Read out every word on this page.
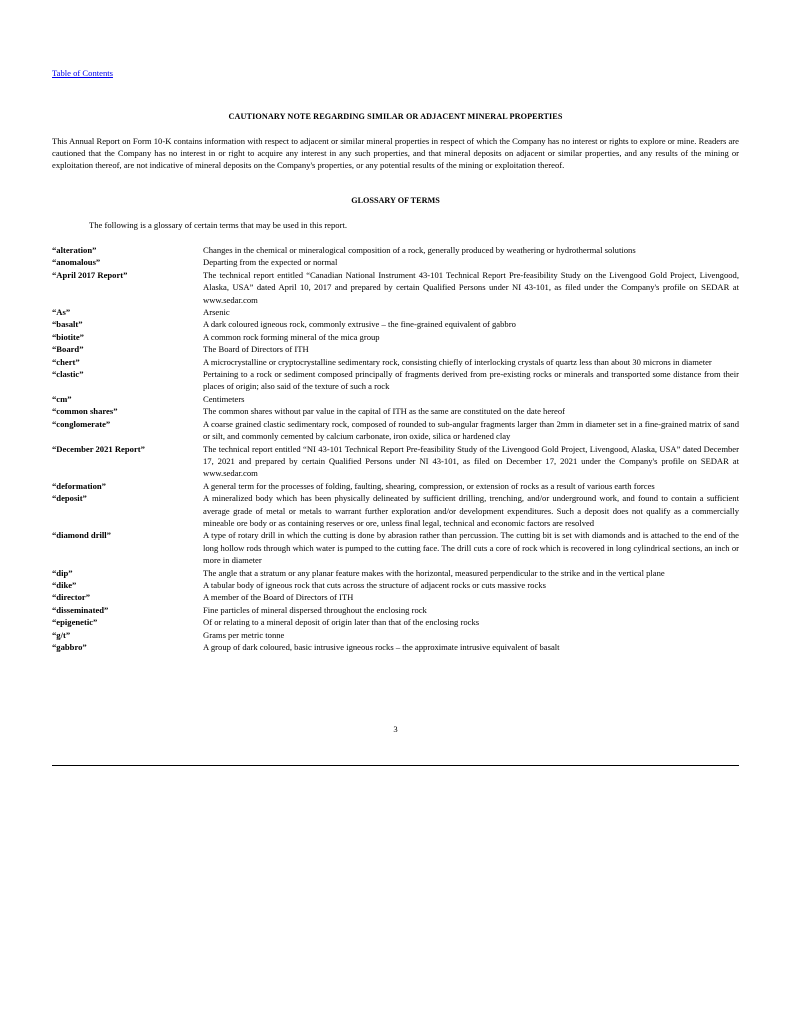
Table of Contents
CAUTIONARY NOTE REGARDING SIMILAR OR ADJACENT MINERAL PROPERTIES
This Annual Report on Form 10-K contains information with respect to adjacent or similar mineral properties in respect of which the Company has no interest or rights to explore or mine. Readers are cautioned that the Company has no interest in or right to acquire any interest in any such properties, and that mineral deposits on adjacent or similar properties, and any results of the mining or exploitation thereof, are not indicative of mineral deposits on the Company's properties, or any potential results of the mining or exploitation thereof.
GLOSSARY OF TERMS
The following is a glossary of certain terms that may be used in this report.
“alteration”	Changes in the chemical or mineralogical composition of a rock, generally produced by weathering or hydrothermal solutions
“anomalous”	Departing from the expected or normal
“April 2017 Report”	The technical report entitled “Canadian National Instrument 43-101 Technical Report Pre-feasibility Study on the Livengood Gold Project, Livengood, Alaska, USA” dated April 10, 2017 and prepared by certain Qualified Persons under NI 43-101, as filed under the Company's profile on SEDAR at www.sedar.com
“As”	Arsenic
“basalt”	A dark coloured igneous rock, commonly extrusive – the fine-grained equivalent of gabbro
“biotite”	A common rock forming mineral of the mica group
“Board”	The Board of Directors of ITH
“chert”	A microcrystalline or cryptocrystalline sedimentary rock, consisting chiefly of interlocking crystals of quartz less than about 30 microns in diameter
“clastic”	Pertaining to a rock or sediment composed principally of fragments derived from pre-existing rocks or minerals and transported some distance from their places of origin; also said of the texture of such a rock
“cm”	Centimeters
“common shares”	The common shares without par value in the capital of ITH as the same are constituted on the date hereof
“conglomerate”	A coarse grained clastic sedimentary rock, composed of rounded to sub-angular fragments larger than 2mm in diameter set in a fine-grained matrix of sand or silt, and commonly cemented by calcium carbonate, iron oxide, silica or hardened clay
“December 2021 Report”	The technical report entitled “NI 43-101 Technical Report Pre-feasibility Study of the Livengood Gold Project, Livengood, Alaska, USA” dated December 17, 2021 and prepared by certain Qualified Persons under NI 43-101, as filed on December 17, 2021 under the Company's profile on SEDAR at www.sedar.com
“deformation”	A general term for the processes of folding, faulting, shearing, compression, or extension of rocks as a result of various earth forces
“deposit”	A mineralized body which has been physically delineated by sufficient drilling, trenching, and/or underground work, and found to contain a sufficient average grade of metal or metals to warrant further exploration and/or development expenditures. Such a deposit does not qualify as a commercially mineable ore body or as containing reserves or ore, unless final legal, technical and economic factors are resolved
“diamond drill”	A type of rotary drill in which the cutting is done by abrasion rather than percussion. The cutting bit is set with diamonds and is attached to the end of the long hollow rods through which water is pumped to the cutting face. The drill cuts a core of rock which is recovered in long cylindrical sections, an inch or more in diameter
“dip”	The angle that a stratum or any planar feature makes with the horizontal, measured perpendicular to the strike and in the vertical plane
“dike”	A tabular body of igneous rock that cuts across the structure of adjacent rocks or cuts massive rocks
“director”	A member of the Board of Directors of ITH
“disseminated”	Fine particles of mineral dispersed throughout the enclosing rock
“epigenetic”	Of or relating to a mineral deposit of origin later than that of the enclosing rocks
“g/t”	Grams per metric tonne
“gabbro”	A group of dark coloured, basic intrusive igneous rocks – the approximate intrusive equivalent of basalt
3
